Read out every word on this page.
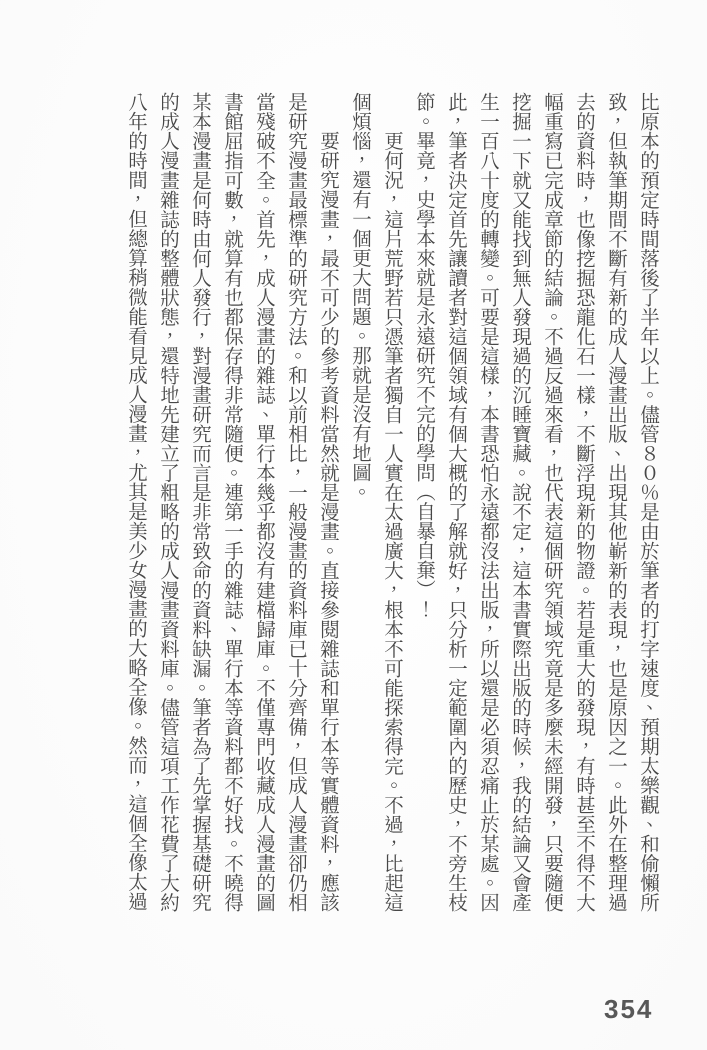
比原本的預定時間落後了半年以上。儘管８０％是由於筆者的打字速度、預期太樂觀、和偷懶所致，但執筆期間不斷有新的成人漫畫出版、出現其他嶄新的表現，也是原因之一。此外在整理過去的資料時，也像挖掘恐龍化石一樣，不斷浮現新的物證。若是重大的發現，有時甚至不得不大幅重寫已完成章節的結論。不過反過來看，也代表這個研究領域究竟是多麼未經開發，只要隨便挖掘一下就又能找到無人發現過的沉睡寶藏。說不定，這本書實際出版的時候，我的結論又會產生一百八十度的轉變。可要是這樣，本書恐怕永遠都沒法出版，所以還是必須忍痛止於某處。因此，筆者決定首先讓讀者對這個領域有個大概的了解就好，只分析一定範圍內的歷史，不旁生枝節。畢竟，史學本來就是永遠研究不完的學問（自暴自棄）！

更何況，這片荒野若只憑筆者獨自一人實在太過廣大，根本不可能探索得完。不過，比起這個煩惱，還有一個更大問題。那就是沒有地圖。

要研究漫畫，最不可少的參考資料當然就是漫畫。直接參閱雜誌和單行本等實體資料，應該是研究漫畫最標準的研究方法。和以前相比，一般漫畫的資料庫已十分齊備，但成人漫畫卻仍相當殘破不全。首先，成人漫畫的雜誌、單行本幾乎都沒有建檔歸庫。不僅專門收藏成人漫畫的圖書館屈指可數，就算有也都保存得非常隨便。連第一手的雜誌、單行本等資料都不好找。不曉得某本漫畫是何時由何人發行，對漫畫研究而言是非常致命的資料缺漏。筆者為了先掌握基礎研究的成人漫畫雜誌的整體狀態，還特地先建立了粗略的成人漫畫資料庫。儘管這項工作花費了大約八年的時間，但總算稍微能看見成人漫畫，尤其是美少女漫畫的大略全像。然而，這個全像太過

354
